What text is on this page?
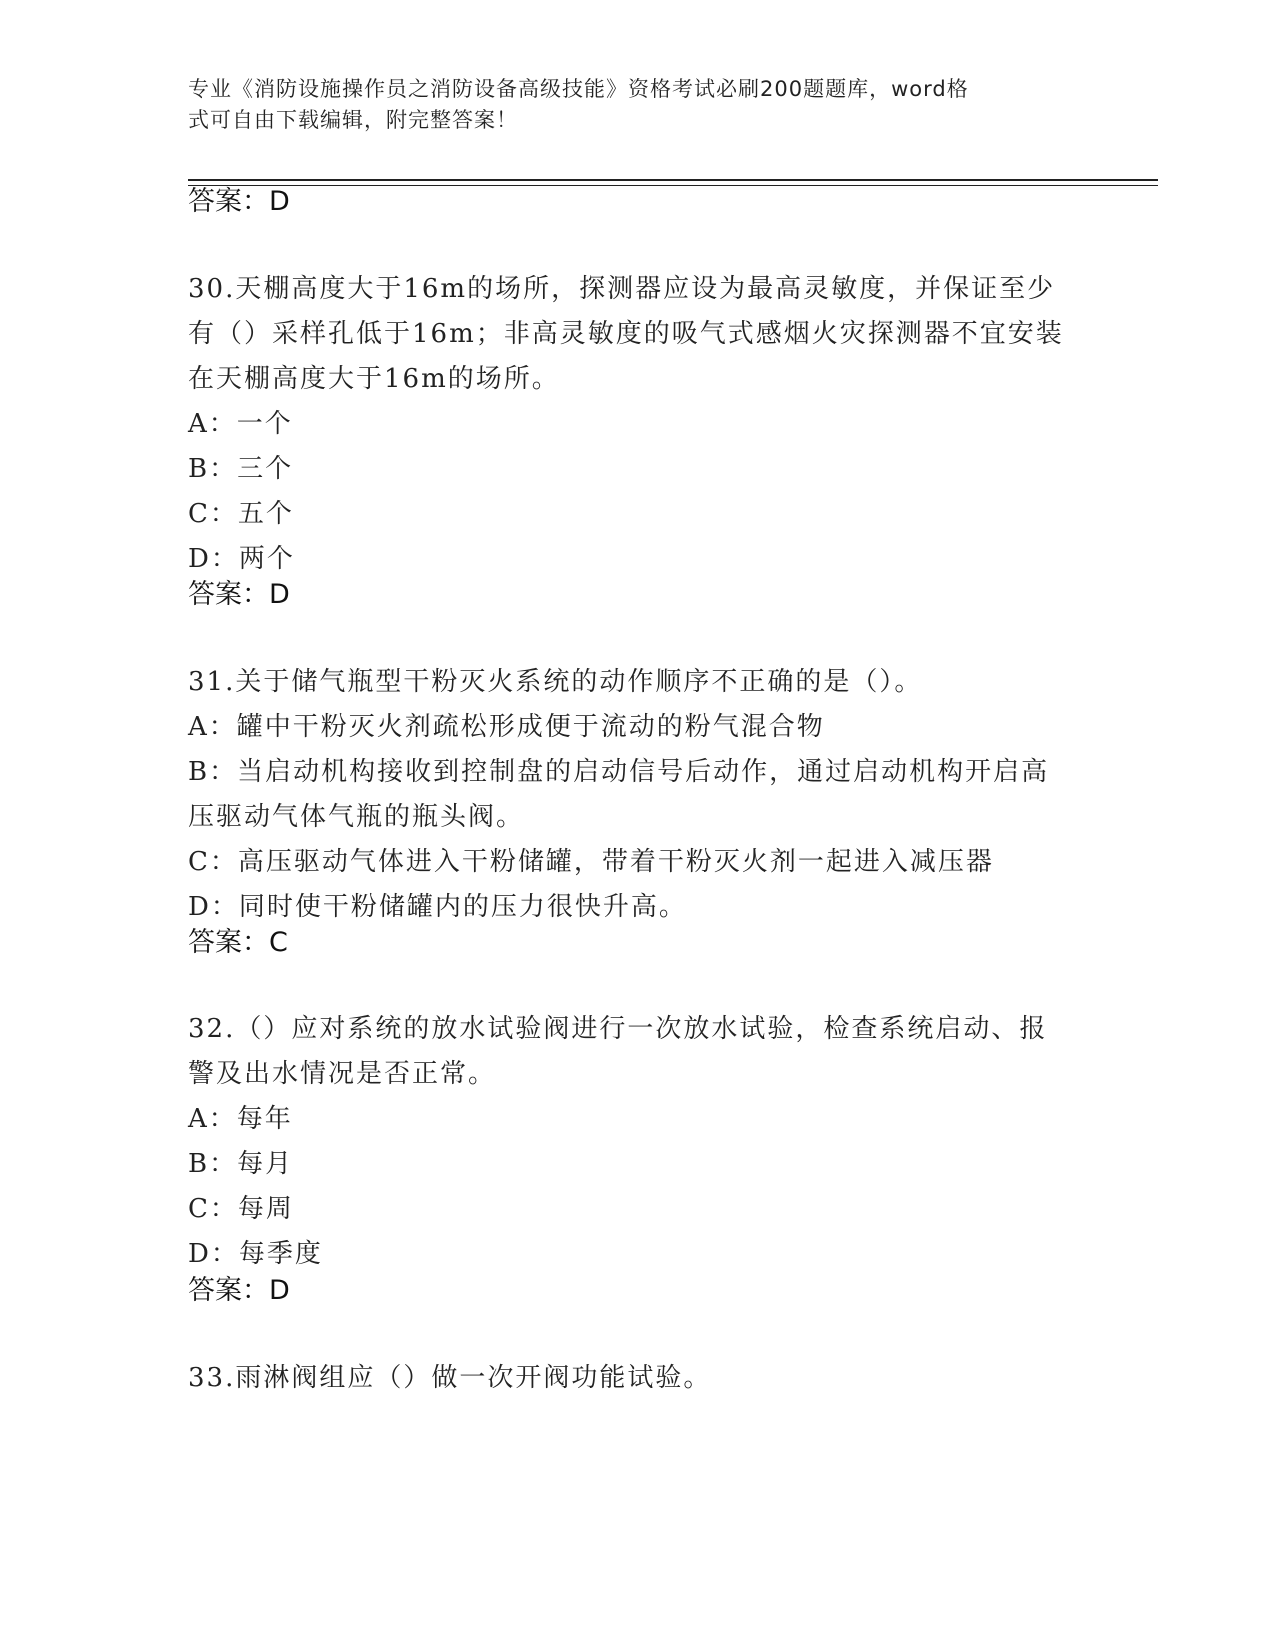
专业《消防设施操作员之消防设备高级技能》资格考试必刷200题题库，word格
式可自由下载编辑，附完整答案！
答案：D
30.天棚高度大于16m的场所，探测器应设为最高灵敏度，并保证至少
有（）采样孔低于16m；非高灵敏度的吸气式感烟火灾探测器不宜安装
在天棚高度大于16m的场所。
A：一个
B：三个
C：五个
D：两个
答案：D
31.关于储气瓶型干粉灭火系统的动作顺序不正确的是（）。
A：罐中干粉灭火剂疏松形成便于流动的粉气混合物
B：当启动机构接收到控制盘的启动信号后动作，通过启动机构开启高
压驱动气体气瓶的瓶头阀。
C：高压驱动气体进入干粉储罐，带着干粉灭火剂一起进入减压器
D：同时使干粉储罐内的压力很快升高。
答案：C
32.（）应对系统的放水试验阀进行一次放水试验，检查系统启动、报
警及出水情况是否正常。
A：每年
B：每月
C：每周
D：每季度
答案：D
33.雨淋阀组应（）做一次开阀功能试验。
